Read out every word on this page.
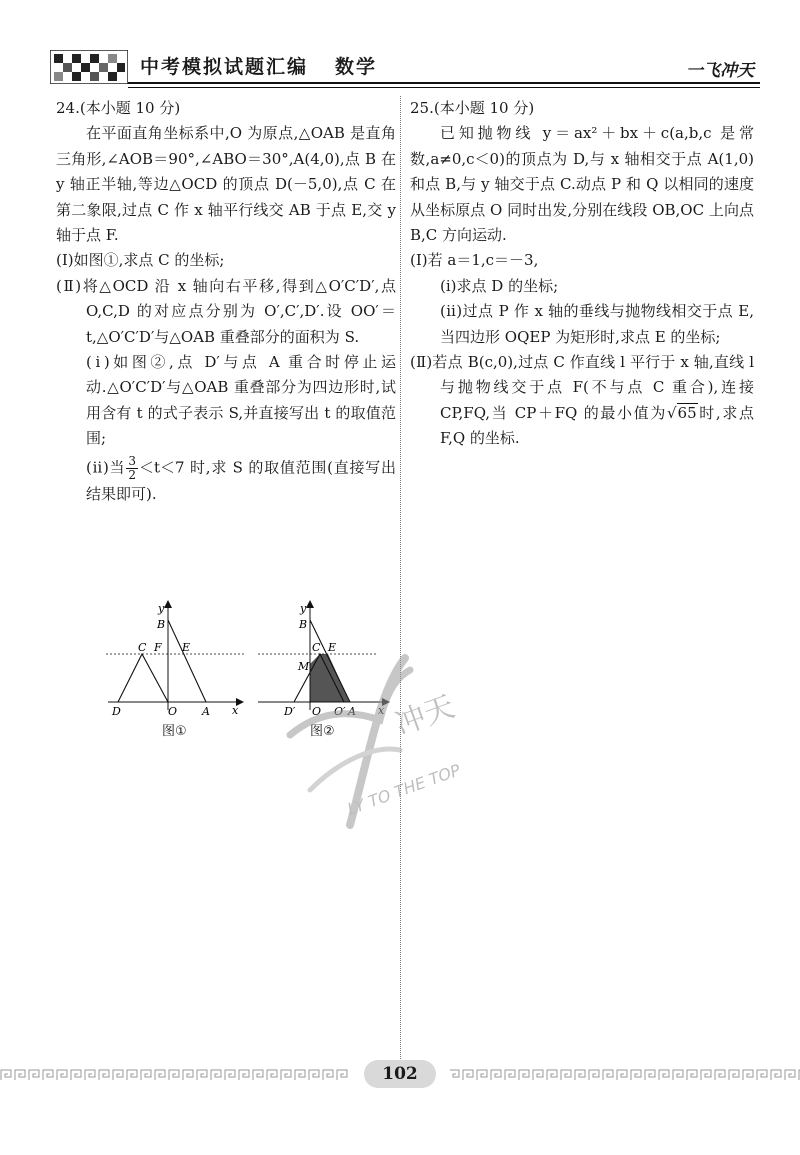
中考模拟试题汇编 数学	一飞冲天
24.(本小题 10 分)
在平面直角坐标系中,O 为原点,△OAB 是直角三角形,∠AOB＝90°,∠ABO＝30°,A(4,0),点 B 在 y 轴正半轴,等边△OCD 的顶点 D(－5,0),点 C 在第二象限,过点 C 作 x 轴平行线交 AB 于点 E,交 y 轴于点 F.
(Ⅰ)如图①,求点 C 的坐标;
(Ⅱ)将△OCD 沿 x 轴向右平移,得到△O′C′D′,点 O,C,D 的对应点分别为 O′,C′,D′.设 OO′＝t,△O′C′D′与△OAB 重叠部分的面积为 S.
(ⅰ)如图②,点 D′与点 A 重合时停止运动.△O′C′D′与△OAB 重叠部分为四边形时,试用含有 t 的式子表示 S,并直接写出 t 的取值范围;
(ⅱ)当 $\frac{3}{2} <t<7$ 时,求 S 的取值范围(直接写出结果即可).
y
x
B
C F E
D	O A
图①
y
x
B
M
C E
D′ O O′ A
图② 冲天
LY TO THE TOP
25.(本小题 10 分)
已知抛物线 y＝ax²＋bx＋c(a,b,c 是常数,a≠0,c＜0)的顶点为 D,与 x 轴相交于点 A(1,0)和点 B,与 y 轴交于点 C.动点 P 和 Q 以相同的速度从坐标原点 O 同时出发,分别在线段 OB,OC 上向点 B,C 方向运动.
(Ⅰ)若 a＝1,c＝－3,
(ⅰ)求点 D 的坐标;
(ⅱ)过点 P 作 x 轴的垂线与抛物线相交于点 E,当四边形 OQEP 为矩形时,求点 E 的坐标;
(Ⅱ)若点 B(c,0),过点 C 作直线 l 平行于 x 轴,直线 l 与抛物线交于点 F(不与点 C 重合),连接 CP,FQ,当 CP＋FQ 的最小值为√65时,求点 F,Q 的坐标.
102
